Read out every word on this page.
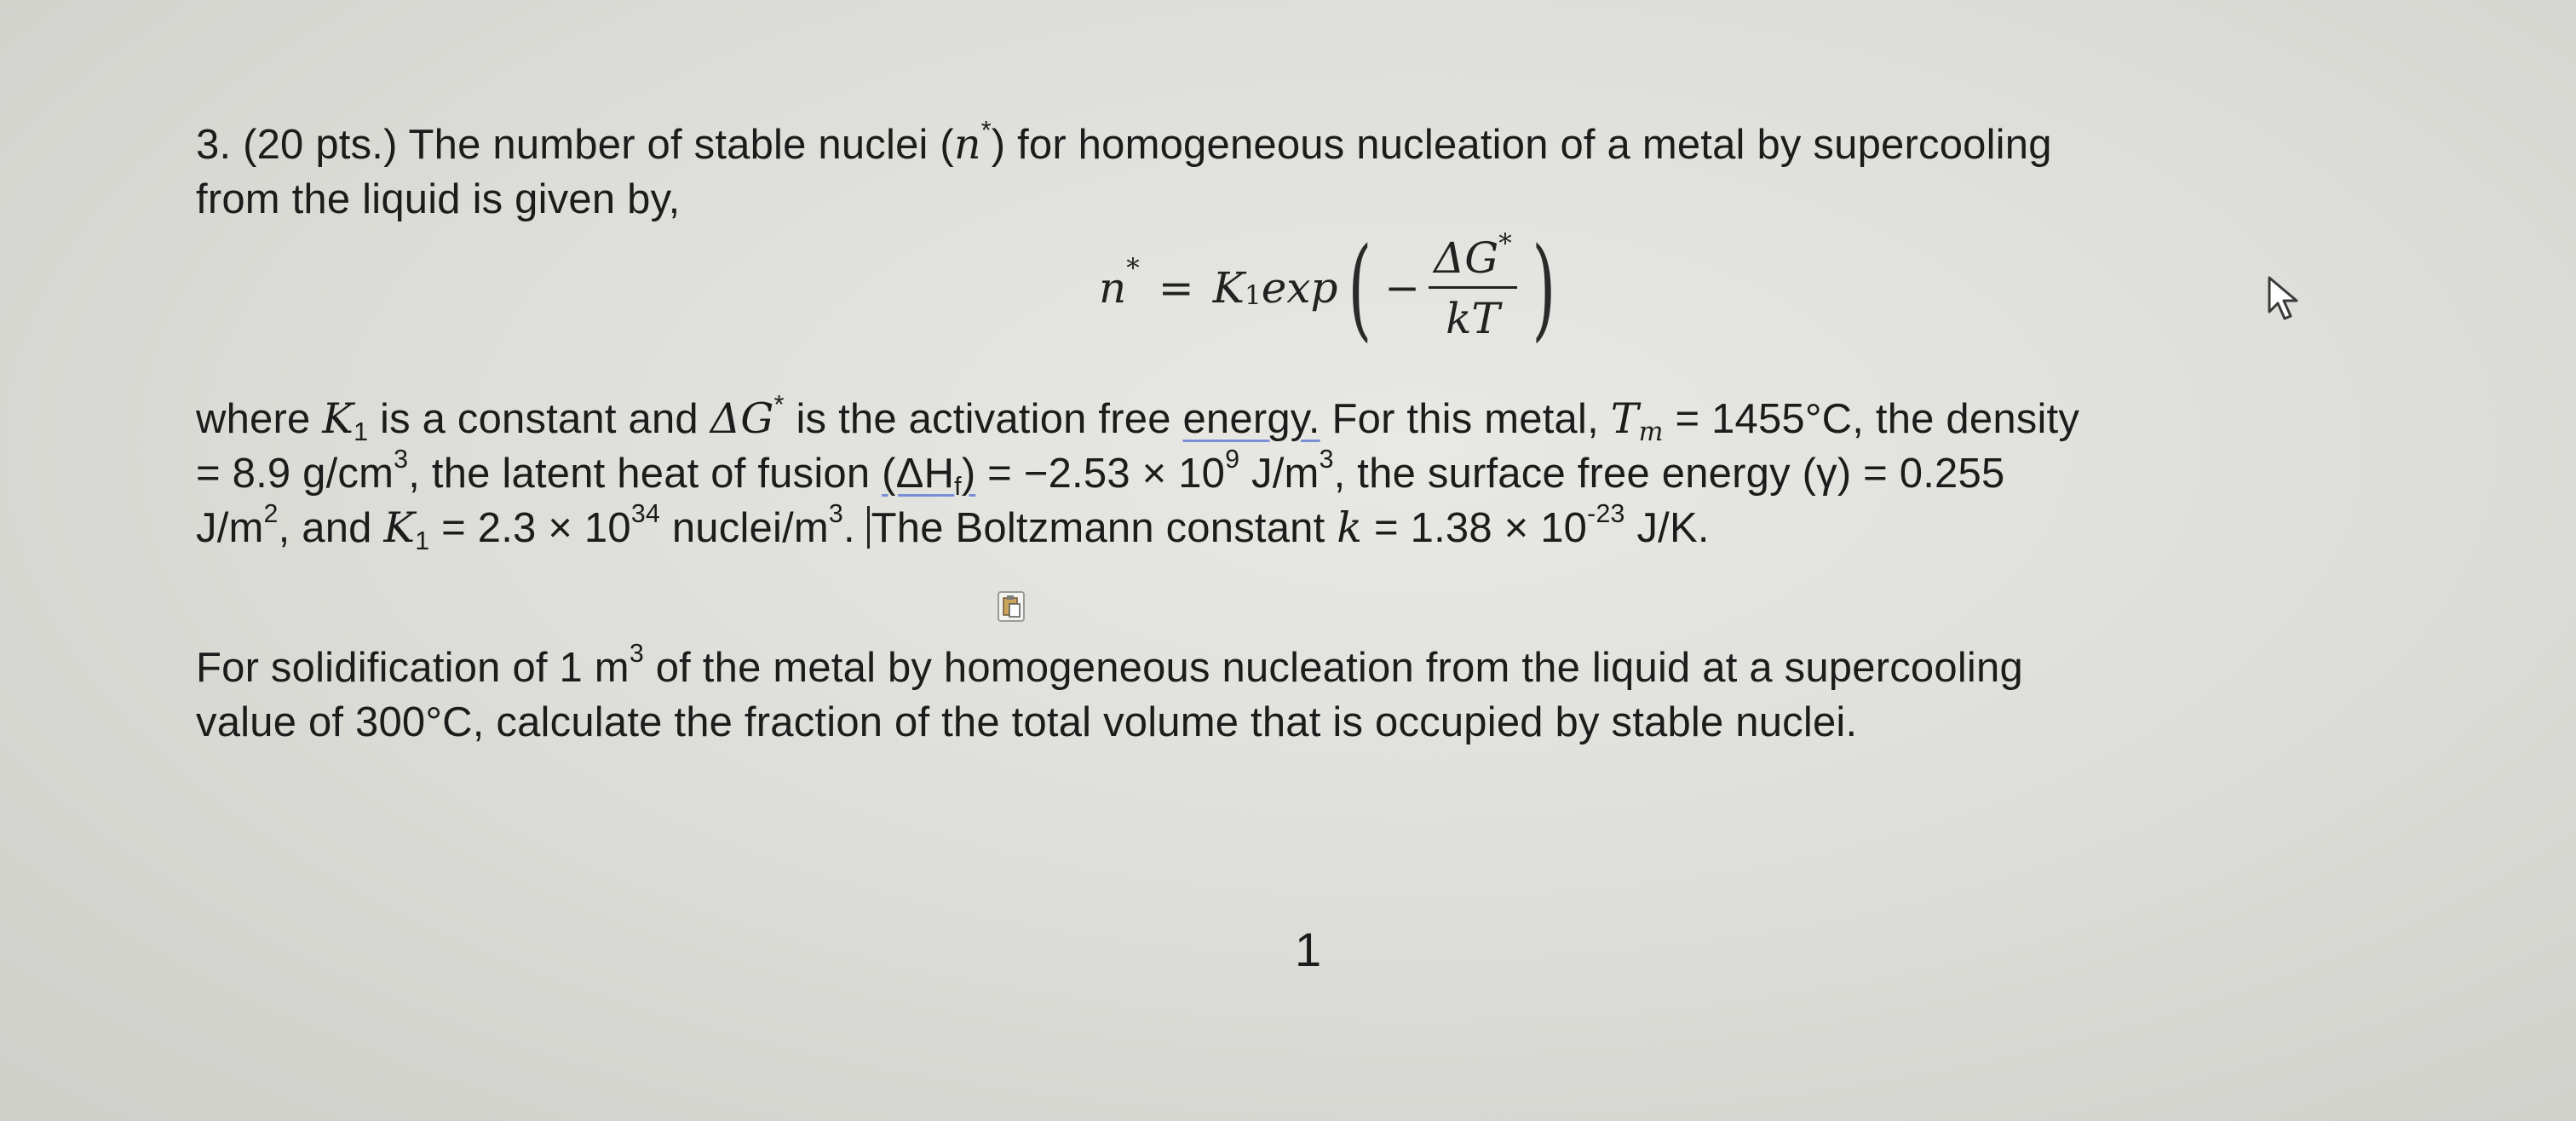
3. (20 pts.) The number of stable nuclei (n*) for homogeneous nucleation of a metal by supercooling
from the liquid is given by,
$n^* = K_1$ exp ( − $\frac{\Delta G^*}{kT}$ )
where $K_1$ is a constant and ΔG* is the activation free energy. For this metal, $T_m = 1455^\circ C$, the density
= 8.9 $g/cm^3$, the latent heat of fusion $(\Delta H_f) = -2.53 \times 10^9$ $J/m^3$, the surface free energy (γ) = 0.255
$J/m^2$, and $K_1 = 2.3 \times 10^{34}$ nuclei/$m^3$. The Boltzmann constant $k = 1.38 \times 10^{-23}$ J/K.
For solidification of 1 $m^3$ of the metal by homogeneous nucleation from the liquid at a supercooling
value of 300°C, calculate the fraction of the total volume that is occupied by stable nuclei.
1
